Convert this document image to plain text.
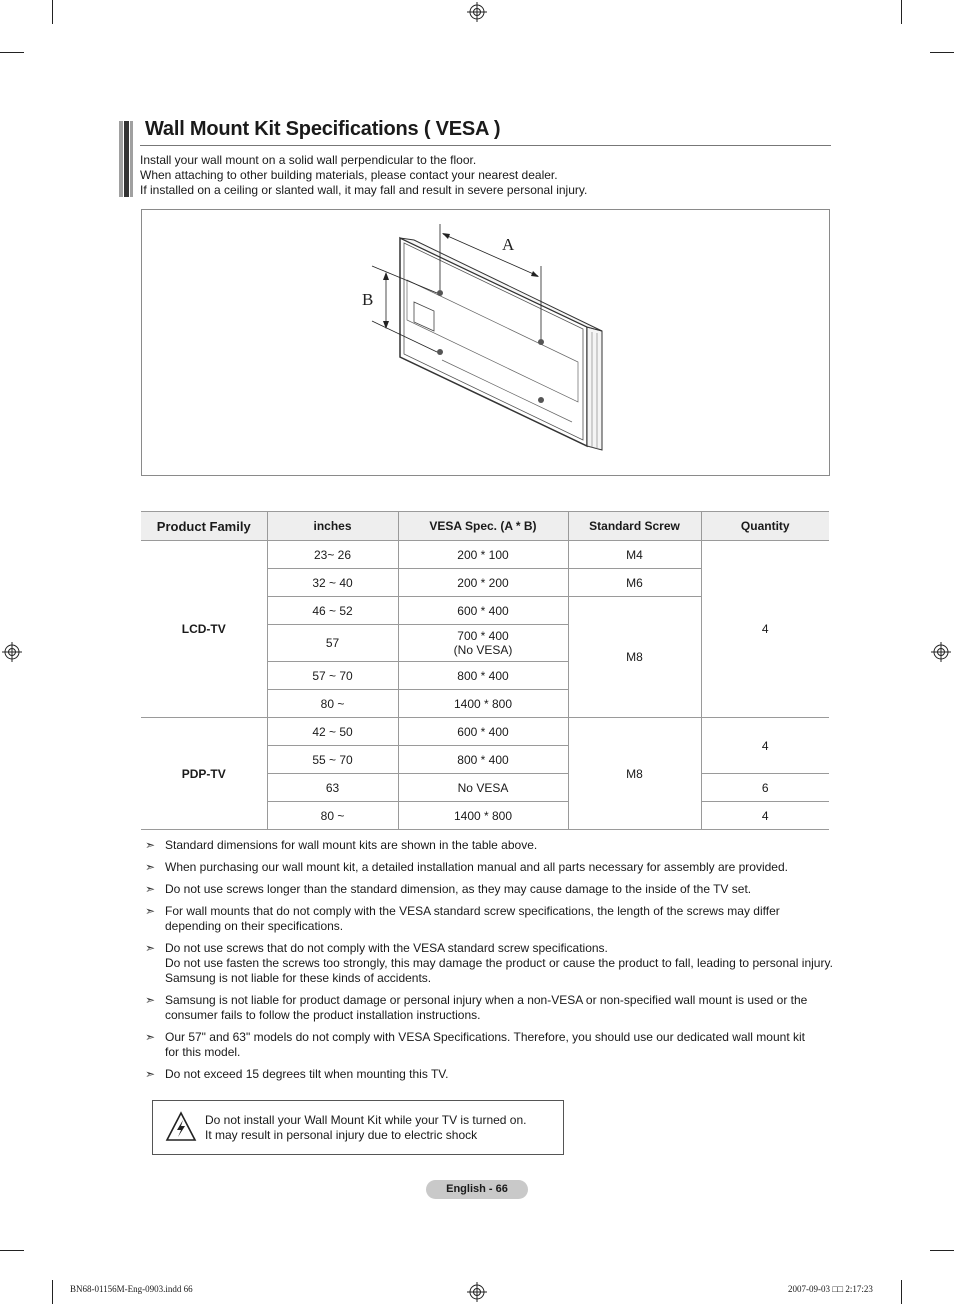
Wall Mount Kit Specifications ( VESA )
Install your wall mount on a solid wall perpendicular to the floor.
When attaching to other building materials, please contact your nearest dealer.
If installed on a ceiling or slanted wall, it may fall and result in severe personal injury.
A
B
Product Family	inches	VESA Spec. (A * B)	Standard Screw	Quantity
LCD-TV	23~ 26	200 * 100	M4	4
	32 ~ 40	200 * 200	M6	
	46 ~ 52	600 * 400	M8	
	57	700 * 400
(No VESA)		

	57 ~ 70	800 * 400		
	80 ~	1400 * 800		
PDP-TV	42 ~ 50	600 * 400	M8	4
	55 ~ 70	800 * 400		
	63	No VESA		6
	80 ~	1400 * 800		4
➣ Standard dimensions for wall mount kits are shown in the table above.
➣ When purchasing our wall mount kit, a detailed installation manual and all parts necessary for assembly are provided.
➣ Do not use screws longer than the standard dimension, as they may cause damage to the inside of the TV set.
➣ For wall mounts that do not comply with the VESA standard screw specifications, the length of the screws may differ
depending on their specifications.
➣ Do not use screws that do not comply with the VESA standard screw specifications.
Do not use fasten the screws too strongly, this may damage the product or cause the product to fall, leading to personal injury.
Samsung is not liable for these kinds of accidents.
➣ Samsung is not liable for product damage or personal injury when a non-VESA or non-specified wall mount is used or the
consumer fails to follow the product installation instructions.
➣ Our 57" and 63" models do not comply with VESA Specifications. Therefore, you should use our dedicated wall mount kit
for this model.
➣ Do not exceed 15 degrees tilt when mounting this TV.
Do not install your Wall Mount Kit while your TV is turned on.
It may result in personal injury due to electric shock
English - 66
BN68-01156M-Eng-0903.indd 66	2007-09-03 □□ 2:17:23
